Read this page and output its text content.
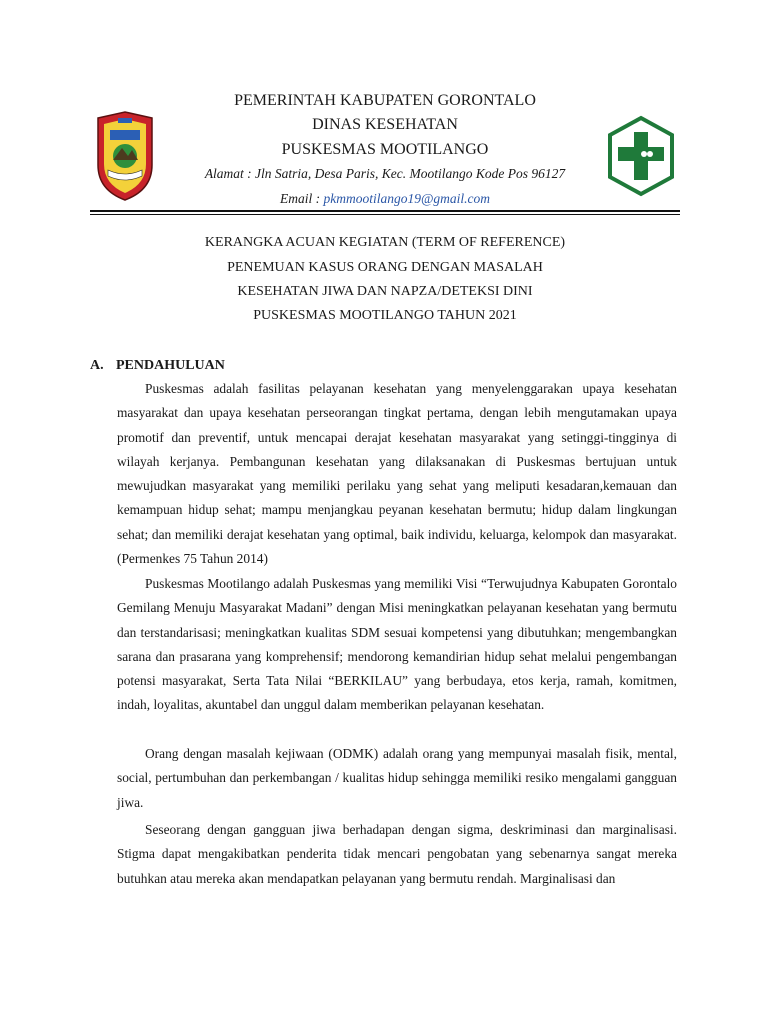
PEMERINTAH KABUPATEN GORONTALO
DINAS KESEHATAN
PUSKESMAS MOOTILANGO
Alamat : Jln Satria, Desa Paris, Kec. Mootilango Kode Pos 96127
Email : pkmmootilango19@gmail.com
KERANGKA ACUAN KEGIATAN (TERM OF REFERENCE)
PENEMUAN KASUS ORANG DENGAN MASALAH
KESEHATAN JIWA DAN NAPZA/DETEKSI DINI
PUSKESMAS MOOTILANGO TAHUN 2021
A. PENDAHULUAN

Puskesmas adalah fasilitas pelayanan kesehatan yang menyelenggarakan upaya kesehatan masyarakat dan upaya kesehatan perseorangan tingkat pertama, dengan lebih mengutamakan upaya promotif dan preventif, untuk mencapai derajat kesehatan masyarakat yang setinggi-tingginya di wilayah kerjanya. Pembangunan kesehatan yang dilaksanakan di Puskesmas bertujuan untuk mewujudkan masyarakat yang memiliki perilaku yang sehat yang meliputi kesadaran,kemauan dan kemampuan hidup sehat; mampu menjangkau peyanan kesehatan bermutu; hidup dalam lingkungan sehat; dan memiliki derajat kesehatan yang optimal, baik individu, keluarga, kelompok dan masyarakat. (Permenkes 75 Tahun 2014)

Puskesmas Mootilango adalah Puskesmas yang memiliki Visi “Terwujudnya Kabupaten Gorontalo Gemilang Menuju Masyarakat Madani” dengan Misi meningkatkan pelayanan kesehatan yang bermutu dan terstandarisasi; meningkatkan kualitas SDM sesuai kompetensi yang dibutuhkan; mengembangkan sarana dan prasarana yang komprehensif; mendorong kemandirian hidup sehat melalui pengembangan potensi masyarakat, Serta Tata Nilai “BERKILAU” yang berbudaya, etos kerja, ramah, komitmen, indah, loyalitas, akuntabel dan unggul dalam memberikan pelayanan kesehatan.

Orang dengan masalah kejiwaan (ODMK) adalah orang yang mempunyai masalah fisik, mental, social, pertumbuhan dan perkembangan / kualitas hidup sehingga memiliki resiko mengalami gangguan jiwa.

Seseorang dengan gangguan jiwa berhadapan dengan sigma, deskriminasi dan marginalisasi. Stigma dapat mengakibatkan penderita tidak mencari pengobatan yang sebenarnya sangat mereka butuhkan atau mereka akan mendapatkan pelayanan yang bermutu rendah. Marginalisasi dan
